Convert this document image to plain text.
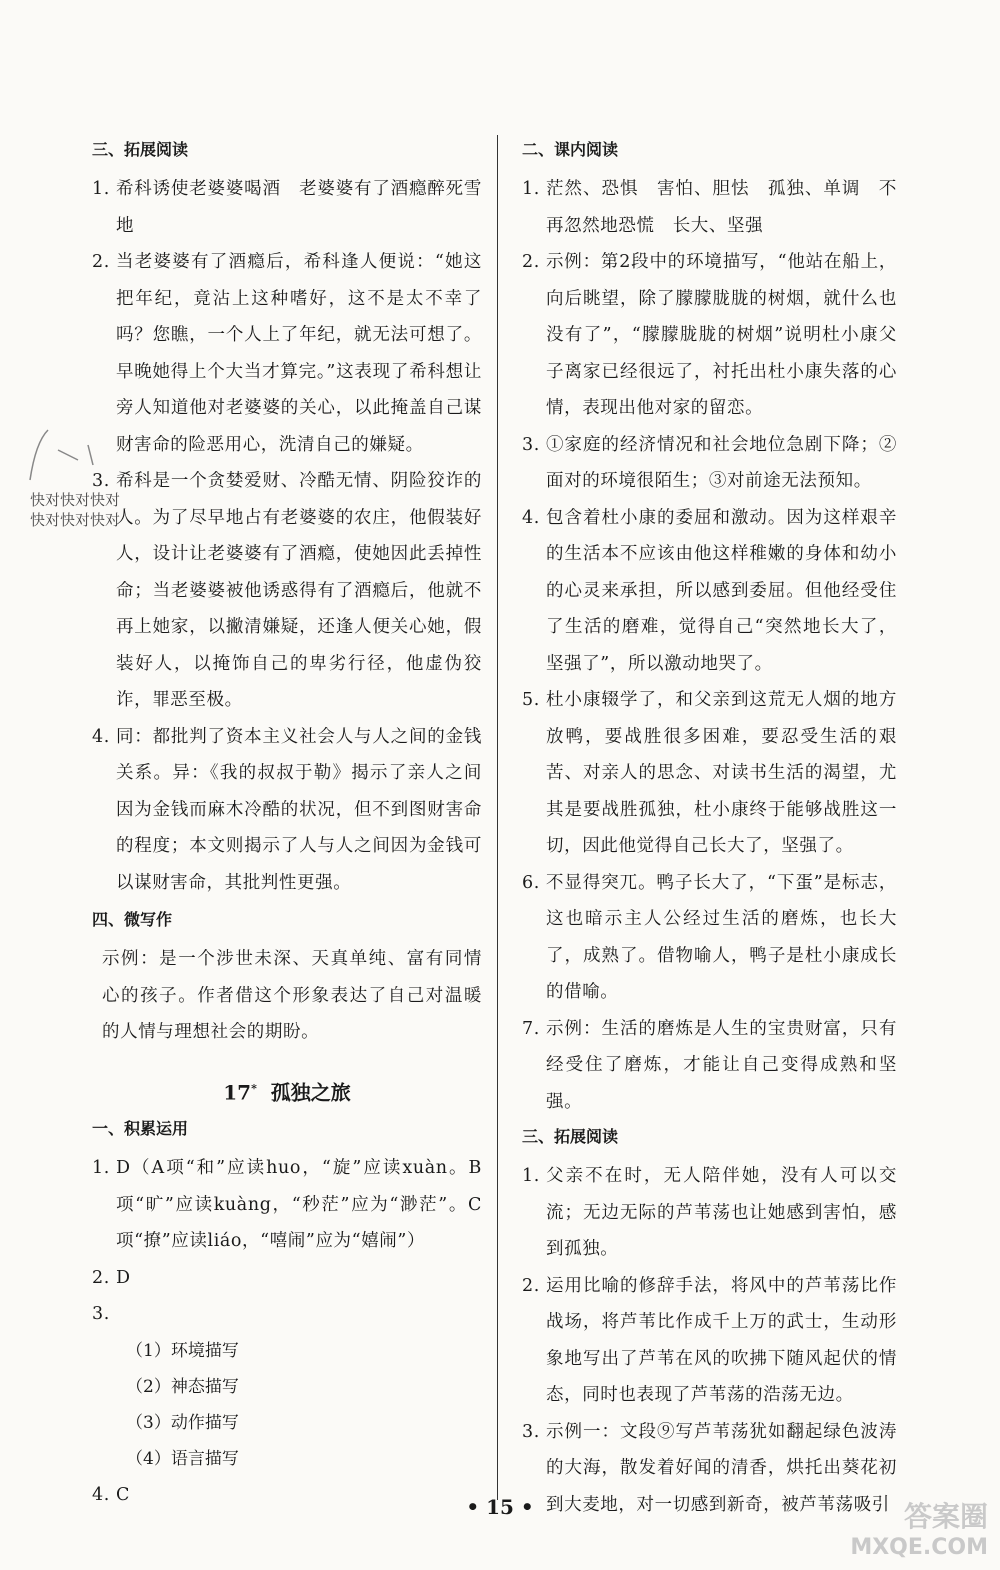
快对快对快对
快对快对快对
三、拓展阅读
1. 希科诱使老婆婆喝酒　老婆婆有了酒瘾醉死雪地
2. 当老婆婆有了酒瘾后，希科逢人便说：“她这把年纪，竟沾上这种嗜好，这不是太不幸了吗？您瞧，一个人上了年纪，就无法可想了。早晚她得上个大当才算完。”这表现了希科想让旁人知道他对老婆婆的关心，以此掩盖自己谋财害命的险恶用心，洗清自己的嫌疑。
3. 希科是一个贪婪爱财、冷酷无情、阴险狡诈的人。为了尽早地占有老婆婆的农庄，他假装好人，设计让老婆婆有了酒瘾，使她因此丢掉性命；当老婆婆被他诱惑得有了酒瘾后，他就不再上她家，以撇清嫌疑，还逢人便关心她，假装好人，以掩饰自己的卑劣行径，他虚伪狡诈，罪恶至极。
4. 同：都批判了资本主义社会人与人之间的金钱关系。异：《我的叔叔于勒》揭示了亲人之间因为金钱而麻木冷酷的状况，但不到图财害命的程度；本文则揭示了人与人之间因为金钱可以谋财害命，其批判性更强。
四、微写作
示例：是一个涉世未深、天真单纯、富有同情心的孩子。作者借这个形象表达了自己对温暖的人情与理想社会的期盼。
17* 孤独之旅
一、积累运用
1. D（A项“和”应读huo，“旋”应读xuàn。B项“旷”应读kuàng，“秒茫”应为“渺茫”。C项“撩”应读liáo，“嘻闹”应为“嬉闹”）
2. D
3.
（1）环境描写
（2）神态描写
（3）动作描写
（4）语言描写
4. C
二、课内阅读
1. 茫然、恐惧　害怕、胆怯　孤独、单调　不再忽然地恐慌　长大、坚强
2. 示例：第2段中的环境描写，“他站在船上，向后眺望，除了朦朦胧胧的树烟，就什么也没有了”，“朦朦胧胧的树烟”说明杜小康父子离家已经很远了，衬托出杜小康失落的心情，表现出他对家的留恋。
3. ①家庭的经济情况和社会地位急剧下降；②面对的环境很陌生；③对前途无法预知。
4. 包含着杜小康的委屈和激动。因为这样艰辛的生活本不应该由他这样稚嫩的身体和幼小的心灵来承担，所以感到委屈。但他经受住了生活的磨难，觉得自己“突然地长大了，坚强了”，所以激动地哭了。
5. 杜小康辍学了，和父亲到这荒无人烟的地方放鸭，要战胜很多困难，要忍受生活的艰苦、对亲人的思念、对读书生活的渴望，尤其是要战胜孤独，杜小康终于能够战胜这一切，因此他觉得自己长大了，坚强了。
6. 不显得突兀。鸭子长大了，“下蛋”是标志，这也暗示主人公经过生活的磨炼，也长大了，成熟了。借物喻人，鸭子是杜小康成长的借喻。
7. 示例：生活的磨炼是人生的宝贵财富，只有经受住了磨炼，才能让自己变得成熟和坚强。
三、拓展阅读
1. 父亲不在时，无人陪伴她，没有人可以交流；无边无际的芦苇荡也让她感到害怕，感到孤独。
2. 运用比喻的修辞手法，将风中的芦苇荡比作战场，将芦苇比作成千上万的武士，生动形象地写出了芦苇在风的吹拂下随风起伏的情态，同时也表现了芦苇荡的浩荡无边。
3. 示例一：文段⑨写芦苇荡犹如翻起绿色波涛的大海，散发着好闻的清香，烘托出葵花初到大麦地，对一切感到新奇，被芦苇荡吸引
• 15 •	答案圈
MXQE.COM
